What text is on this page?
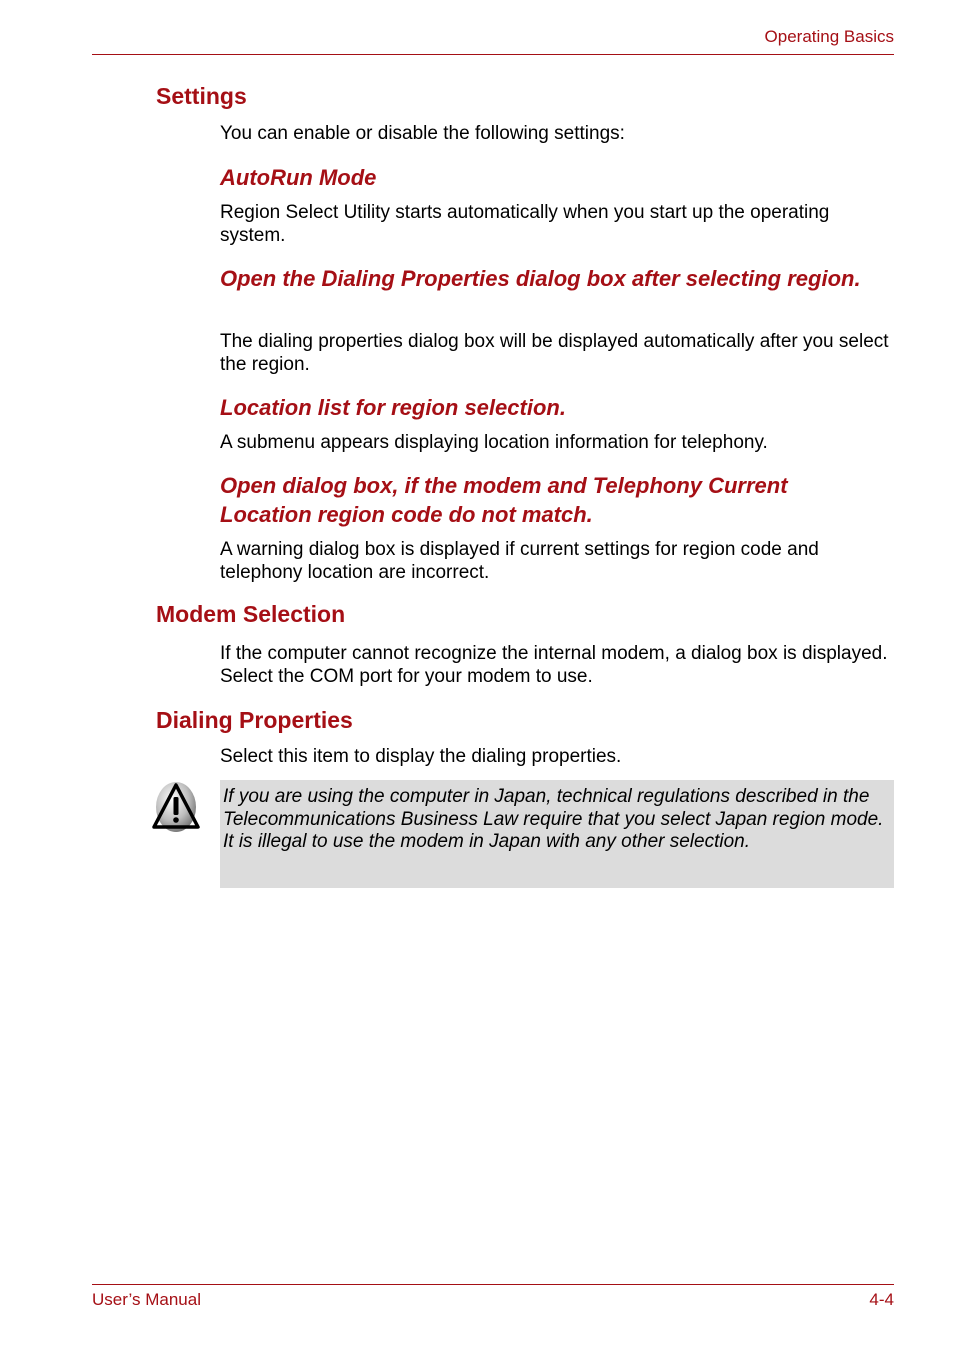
Operating Basics
Settings
You can enable or disable the following settings:
AutoRun Mode
Region Select Utility starts automatically when you start up the operating system.
Open the Dialing Properties dialog box after selecting region.
The dialing properties dialog box will be displayed automatically after you select the region.
Location list for region selection.
A submenu appears displaying location information for telephony.
Open dialog box, if the modem and Telephony Current Location region code do not match.
A warning dialog box is displayed if current settings for region code and telephony location are incorrect.
Modem Selection
If the computer cannot recognize the internal modem, a dialog box is displayed. Select the COM port for your modem to use.
Dialing Properties
Select this item to display the dialing properties.
If you are using the computer in Japan, technical regulations described in the Telecommunications Business Law require that you select Japan region mode. It is illegal to use the modem in Japan with any other selection.
User’s Manual	4-4
